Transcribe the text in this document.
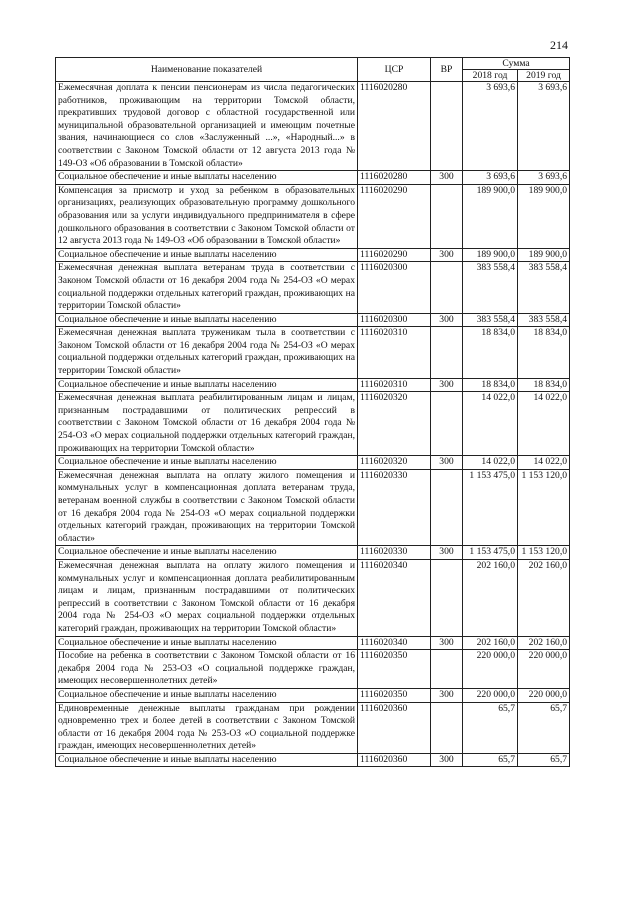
214
Наименование показателей	ЦСР	ВР	Сумма	
			2018 год	2019 год
Ежемесячная доплата к пенсии пенсионерам из числа педагогических работников, проживающим на территории Томской области, прекративших трудовой договор с областной государственной или муниципальной образовательной организацией и имеющим почетные звания, начинающиеся со слов «Заслуженный ...», «Народный...» в соответствии с Законом Томской области от 12 августа 2013 года № 149-ОЗ «Об образовании в Томской области»	1116020280		3 693,6	3 693,6
Социальное обеспечение и иные выплаты населению	1116020280	300	3 693,6	3 693,6
Компенсация за присмотр и уход за ребенком в образовательных организациях, реализующих образовательную программу дошкольного образования или за услуги индивидуального предпринимателя в сфере дошкольного образования в соответствии с Законом Томской области от 12 августа 2013 года № 149-ОЗ «Об образовании в Томской области»	1116020290		189 900,0	189 900,0
Социальное обеспечение и иные выплаты населению	1116020290	300	189 900,0	189 900,0
Ежемесячная денежная выплата ветеранам труда в соответствии с Законом Томской области от 16 декабря 2004 года № 254-ОЗ «О мерах социальной поддержки отдельных категорий граждан, проживающих на территории Томской области»	1116020300		383 558,4	383 558,4
Социальное обеспечение и иные выплаты населению	1116020300	300	383 558,4	383 558,4
Ежемесячная денежная выплата труженикам тыла в соответствии с Законом Томской области от 16 декабря 2004 года № 254-ОЗ «О мерах социальной поддержки отдельных категорий граждан, проживающих на территории Томской области»	1116020310		18 834,0	18 834,0
Социальное обеспечение и иные выплаты населению	1116020310	300	18 834,0	18 834,0
Ежемесячная денежная выплата реабилитированным лицам и лицам, признанным пострадавшими от политических репрессий в соответствии с Законом Томской области от 16 декабря 2004 года № 254-ОЗ «О мерах социальной поддержки отдельных категорий граждан, проживающих на территории Томской области»	1116020320		14 022,0	14 022,0
Социальное обеспечение и иные выплаты населению	1116020320	300	14 022,0	14 022,0
Ежемесячная денежная выплата на оплату жилого помещения и коммунальных услуг в компенсационная доплата ветеранам труда, ветеранам военной службы в соответствии с Законом Томской области от 16 декабря 2004 года № 254-ОЗ «О мерах социальной поддержки отдельных категорий граждан, проживающих на территории Томской области»	1116020330		1 153 475,0	1 153 120,0
Социальное обеспечение и иные выплаты населению	1116020330	300	1 153 475,0	1 153 120,0
Ежемесячная денежная выплата на оплату жилого помещения и коммунальных услуг и компенсационная доплата реабилитированным лицам и лицам, признанным пострадавшими от политических репрессий в соответствии с Законом Томской области от 16 декабря 2004 года № 254-ОЗ «О мерах социальной поддержки отдельных категорий граждан, проживающих на территории Томской области»	1116020340		202 160,0	202 160,0
Социальное обеспечение и иные выплаты населению	1116020340	300	202 160,0	202 160,0
Пособие на ребенка в соответствии с Законом Томской области от 16 декабря 2004 года № 253-ОЗ «О социальной поддержке граждан, имеющих несовершеннолетних детей»	1116020350		220 000,0	220 000,0
Социальное обеспечение и иные выплаты населению	1116020350	300	220 000,0	220 000,0
Единовременные денежные выплаты гражданам при рождении одновременно трех и более детей в соответствии с Законом Томской области от 16 декабря 2004 года № 253-ОЗ «О социальной поддержке граждан, имеющих несовершеннолетних детей»	1116020360		65,7	65,7
Социальное обеспечение и иные выплаты населению	1116020360	300	65,7	65,7
